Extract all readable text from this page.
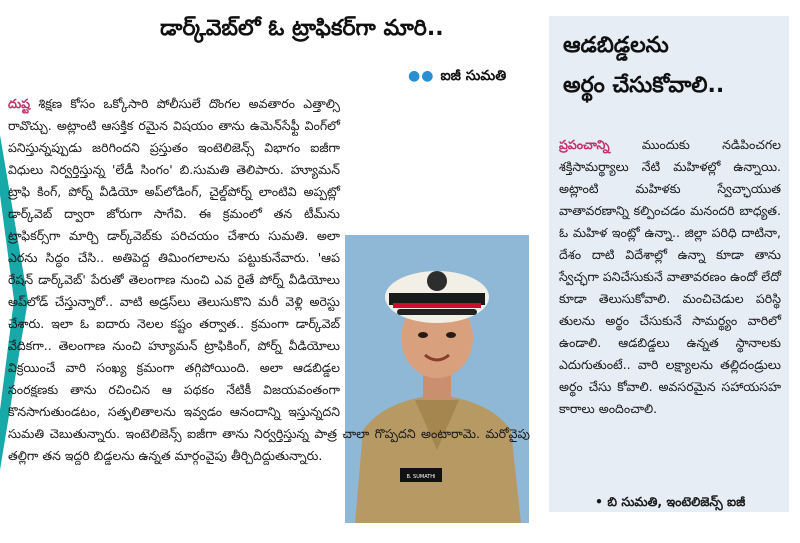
డార్క్‌వెబ్‌లో ఓ ట్రాఫికర్‌గా మారి..
●● ఐజీ సుమతి
B. SUMATHI

దుష్ట శిక్షణ కోసం ఒక్కోసారి పోలీసులే దొంగల అవతారం ఎత్తాల్సి రావొచ్చు. అట్లాంటి ఆసక్తిక రమైన విషయం తాను ఉమెన్‌సేఫ్టీ వింగ్‌లో పనిస్తున్నప్పుడు జరిగిందని ప్రస్తుతం ఇంటెలిజెన్స్ విభాగం ఐజీగా విధులు నిర్వర్తిస్తున్న 'లేడీ సింగం' బి.సుమతి తెలిపారు. హ్యూమన్ ట్రాఫి కింగ్, పోర్న్ వీడియో అప్‌లోడింగ్, చైల్డ్‌పోర్న్ లాంటివి అప్పట్లో డార్క్‌వెబ్ ద్వారా జోరుగా సాగేవి. ఈ క్రమంలో తన టీమ్‌ను ట్రాఫికర్స్‌గా మార్చి డార్క్‌వెబ్‌కు పరిచయం చేశారు సుమతి. అలా ఎరను సిద్ధం చేసి.. అతిపెద్ద తిమింగలాలను పట్టుకునేవారు. 'ఆప రేషన్ డార్క్‌వెబ్' పేరుతో తెలంగాణ నుంచి ఎవ రైతే పోర్న్ వీడియోలు అప్‌లోడ్ చేస్తున్నారో.. వాటి అడ్రస్‌లు తెలుసుకొని మరీ వెళ్లి అరెస్టు చేశారు. ఇలా ఓ ఐదారు నెలల కష్టం తర్వాత.. క్రమంగా డార్క్‌వెబ్ వేదికగా.. తెలంగాణ నుంచి హ్యూమన్ ట్రాఫికింగ్, పోర్న్ వీడియోలు విక్రయించే వారి సంఖ్య క్రమంగా తగ్గిపోయింది. అలా ఆడబిడ్డల సంరక్షణకు తాను రచించిన ఆ పథకం నేటికీ విజయవంతంగా కొనసాగుతుండటం, సత్ఫలితాలను ఇవ్వడం ఆనందాన్ని ఇస్తున్నదని సుమతి చెబుతున్నారు. ఇంటెలిజెన్స్ ఐజీగా తాను నిర్వర్తిస్తున్న పాత్ర చాలా గొప్పదని అంటారామె. మరోవైపు తల్లిగా తన ఇద్దరి బిడ్డలను ఉన్నత మార్గంవైపు తీర్చిదిద్దుతున్నారు.

ఆడబిడ్డలను
అర్థం చేసుకోవాలి..
ప్రపంచాన్ని ముందుకు నడిపించగల శక్తిసామర్థ్యాలు నేటి మహిళల్లో ఉన్నాయి. అట్లాంటి మహిళకు స్వేచ్ఛాయుత వాతావరణాన్ని కల్పించడం మనందరి బాధ్యత. ఓ మహిళ ఇంట్లో ఉన్నా.. జిల్లా పరిధి దాటినా, దేశం దాటి విదేశాల్లో ఉన్నా కూడా తాను స్వేచ్ఛగా పనిచేసుకునే వాతావరణం ఉందో లేదో కూడా తెలుసుకోవాలి. మంచిచెడుల పరిస్థి తులను అర్థం చేసుకునే సామర్థ్యం వారిలో ఉండాలి. ఆడబిడ్డలు ఉన్నత స్థానాలకు ఎదుగుతుంటే.. వారి లక్ష్యాలను తల్లిదండ్రులు అర్థం చేసు కోవాలి. అవసరమైన సహాయసహ కారాలు అందించాలి.
• బి సుమతి, ఇంటెలిజెన్స్ ఐజీ
